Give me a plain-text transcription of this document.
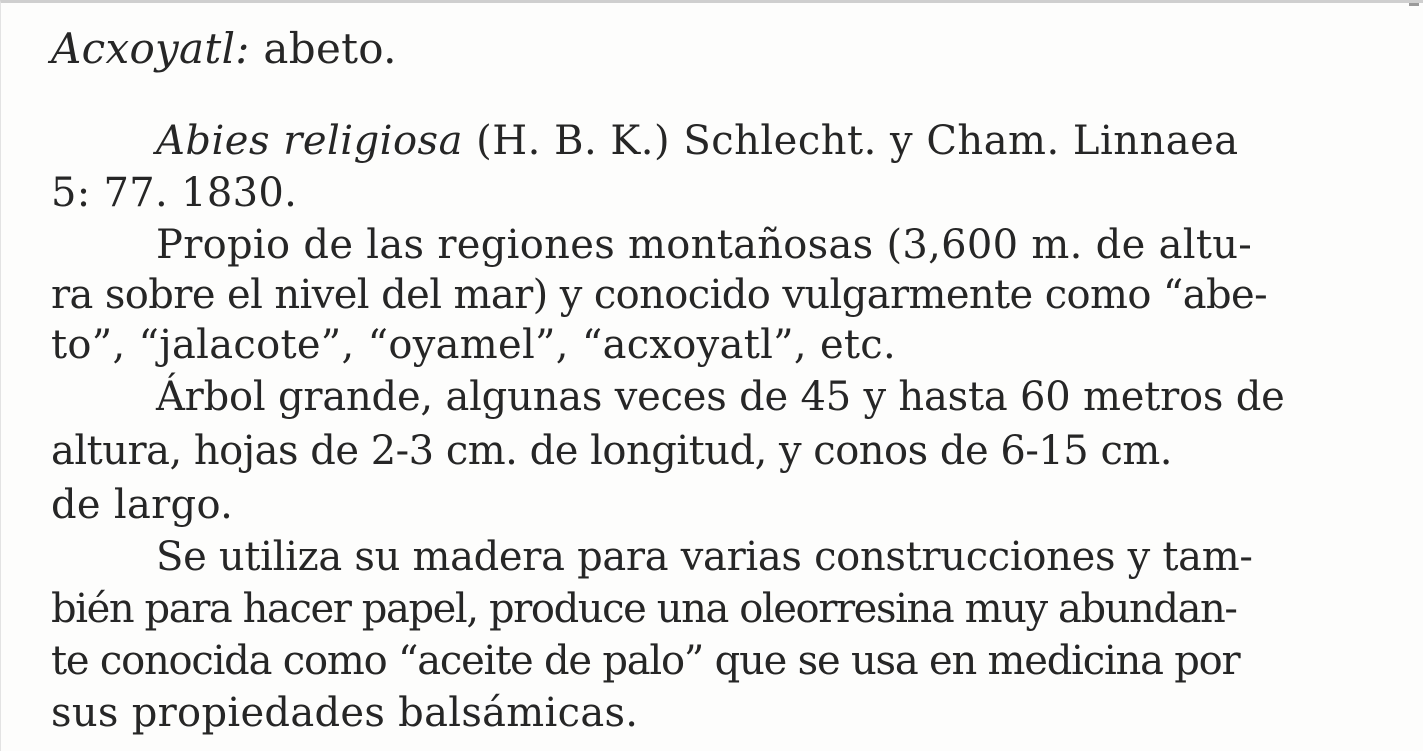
Acxoyatl: abeto.
Abies religiosa (H. B. K.) Schlecht. y Cham. Linnaea
5: 77. 1830.
Propio de las regiones montañosas (3,600 m. de altu-
ra sobre el nivel del mar) y conocido vulgarmente como “abe-
to”, “jalacote”, “oyamel”, “acxoyatl”, etc.
Árbol grande, algunas veces de 45 y hasta 60 metros de
altura, hojas de 2-3 cm. de longitud, y conos de 6-15 cm.
de largo.
Se utiliza su madera para varias construcciones y tam-
bién para hacer papel, produce una oleorresina muy abundan-
te conocida como “aceite de palo” que se usa en medicina por
sus propiedades balsámicas.
